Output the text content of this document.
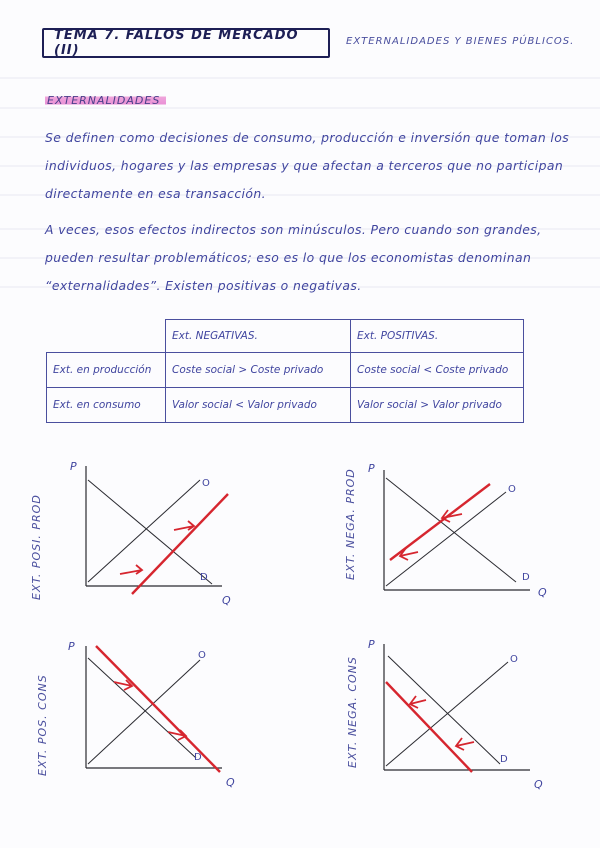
TEMA 7. FALLOS DE MERCADO (II)
EXTERNALIDADES Y BIENES PÚBLICOS.
EXTERNALIDADES
Se definen como decisiones de consumo, producción e inversión que toman los individuos, hogares y las empresas y que afectan a terceros que no participan directamente en esa transacción.
A veces, esos efectos indirectos son minúsculos. Pero cuando son grandes, pueden resultar problemáticos; eso es lo que los economistas denominan “externalidades”. Existen positivas o negativas.
	Ext. NEGATIVAS.	Ext. POSITIVAS.
Ext. en producción	Coste social > Coste privado	Coste social < Coste privado
Ext. en consumo	Valor social < Valor privado	Valor social > Valor privado
EXT. POSI. PROD
P
Q
O
D	EXT. NEGA. PROD P
Q
O
D
EXT. POS. CONS
P
Q
O
D	EXT. NEGA. CONS
P
Q
O
D
